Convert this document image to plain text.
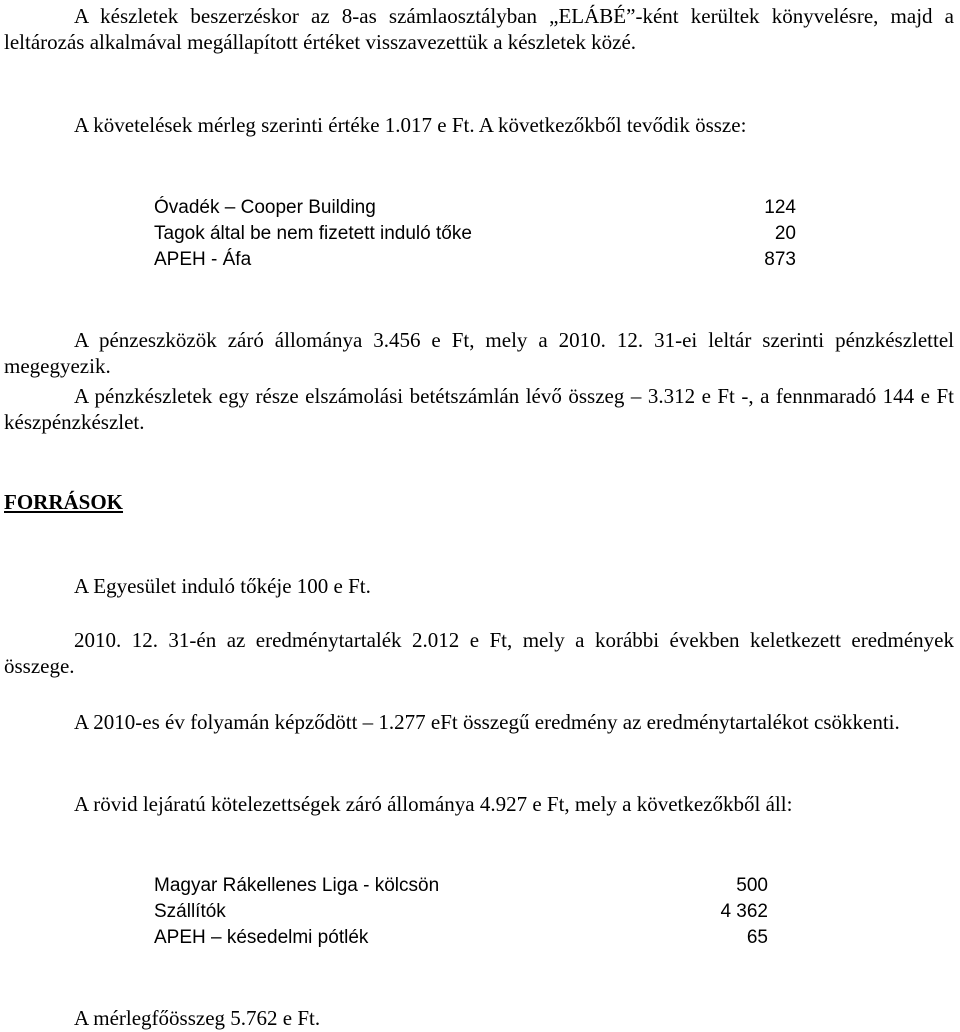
A készletek beszerzéskor az 8-as számlaosztályban „ELÁBÉ”-ként kerültek könyvelésre, majd a leltározás alkalmával megállapított értéket visszavezettük a készletek közé.
A követelések mérleg szerinti értéke 1.017 e Ft. A következőkből tevődik össze:
Óvadék – Cooper Building	124
Tagok által be nem fizetett induló tőke	20
APEH - Áfa	873
A pénzeszközök záró állománya 3.456 e Ft, mely a 2010. 12. 31-ei leltár szerinti pénzkészlettel megegyezik.
A pénzkészletek egy része elszámolási betétszámlán lévő összeg – 3.312 e Ft -, a fennmaradó 144 e Ft készpénzkészlet.
FORRÁSOK
A Egyesület induló tőkéje 100 e Ft.
2010. 12. 31-én az eredménytartalék 2.012 e Ft, mely a korábbi években keletkezett eredmények összege.
A 2010-es év folyamán képződött – 1.277 eFt összegű eredmény az eredménytartalékot csökkenti.
A rövid lejáratú kötelezettségek záró állománya 4.927 e Ft, mely a következőkből áll:
Magyar Rákellenes Liga - kölcsön	500
Szállítók	4 362
APEH – késedelmi pótlék	65
A mérlegfőösszeg 5.762 e Ft.
